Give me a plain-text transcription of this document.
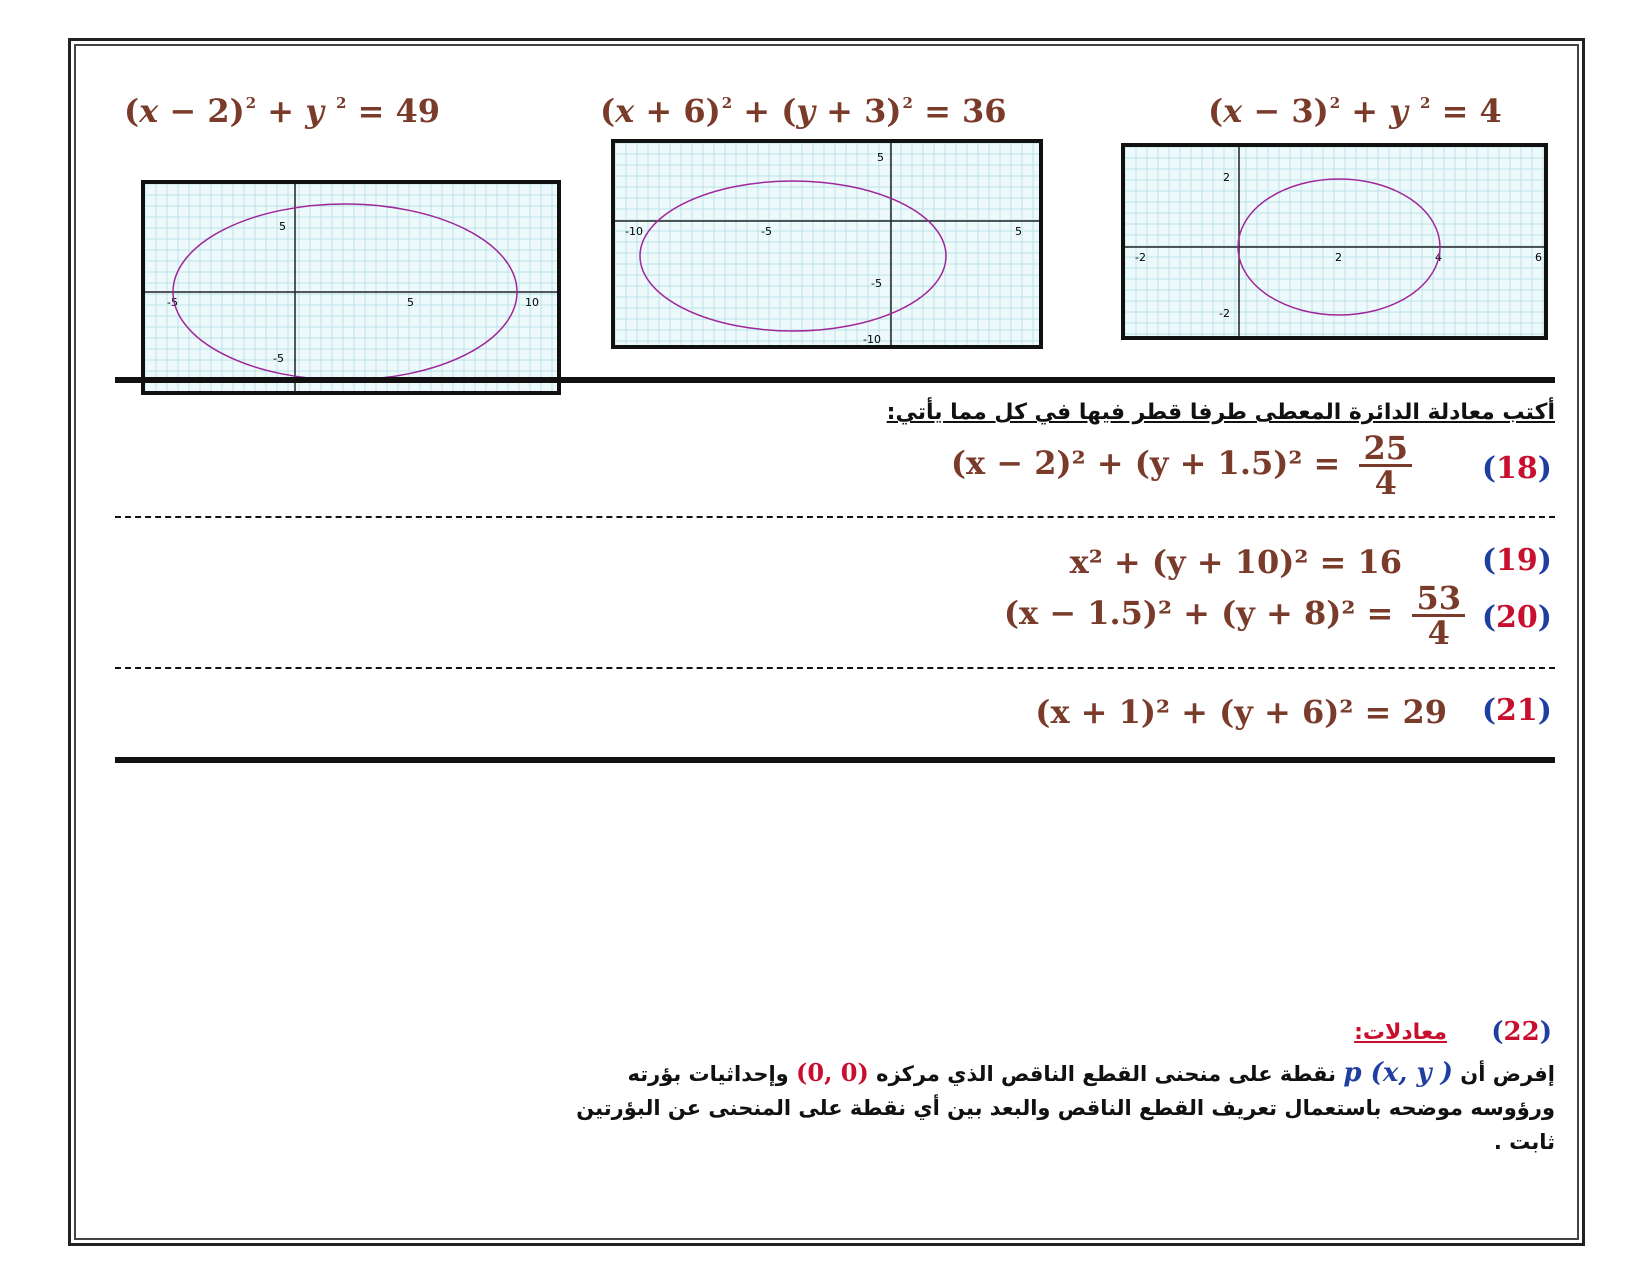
$(x - 2)^2 + y$ $^2$ = 49	$(x + 6)^2 + (y + 3)^2 = 36$	$(x - 3)^2 + y$ $^2$ = 4
-5	5	10
5
-5
-10	-5	5
5
-5
-10
-2	2	4	6
2
-2
أكتب معادلة الدائرة المعطى طرفا قطر فيها في كل مما يأتي:
(18)
$(x - 2)^2 + (y + 1.5)^2 = \frac{25}{4}$
(19)
x² + (y + 10)² = 16
(20)
$(x - 1.5)^2 + (y + 8)^2 = \frac{53}{4}$
(21)
(x + 1)² + (y + 6)² = 29
(22)
معادلات:
إفرض أن p (x, y ) نقطة على منحنى القطع الناقص الذي مركزه (0, 0) وإحداثيات بؤرته
ورؤوسه موضحه باستعمال تعريف القطع الناقص والبعد بين أي نقطة على المنحنى عن البؤرتين
ثابت .
